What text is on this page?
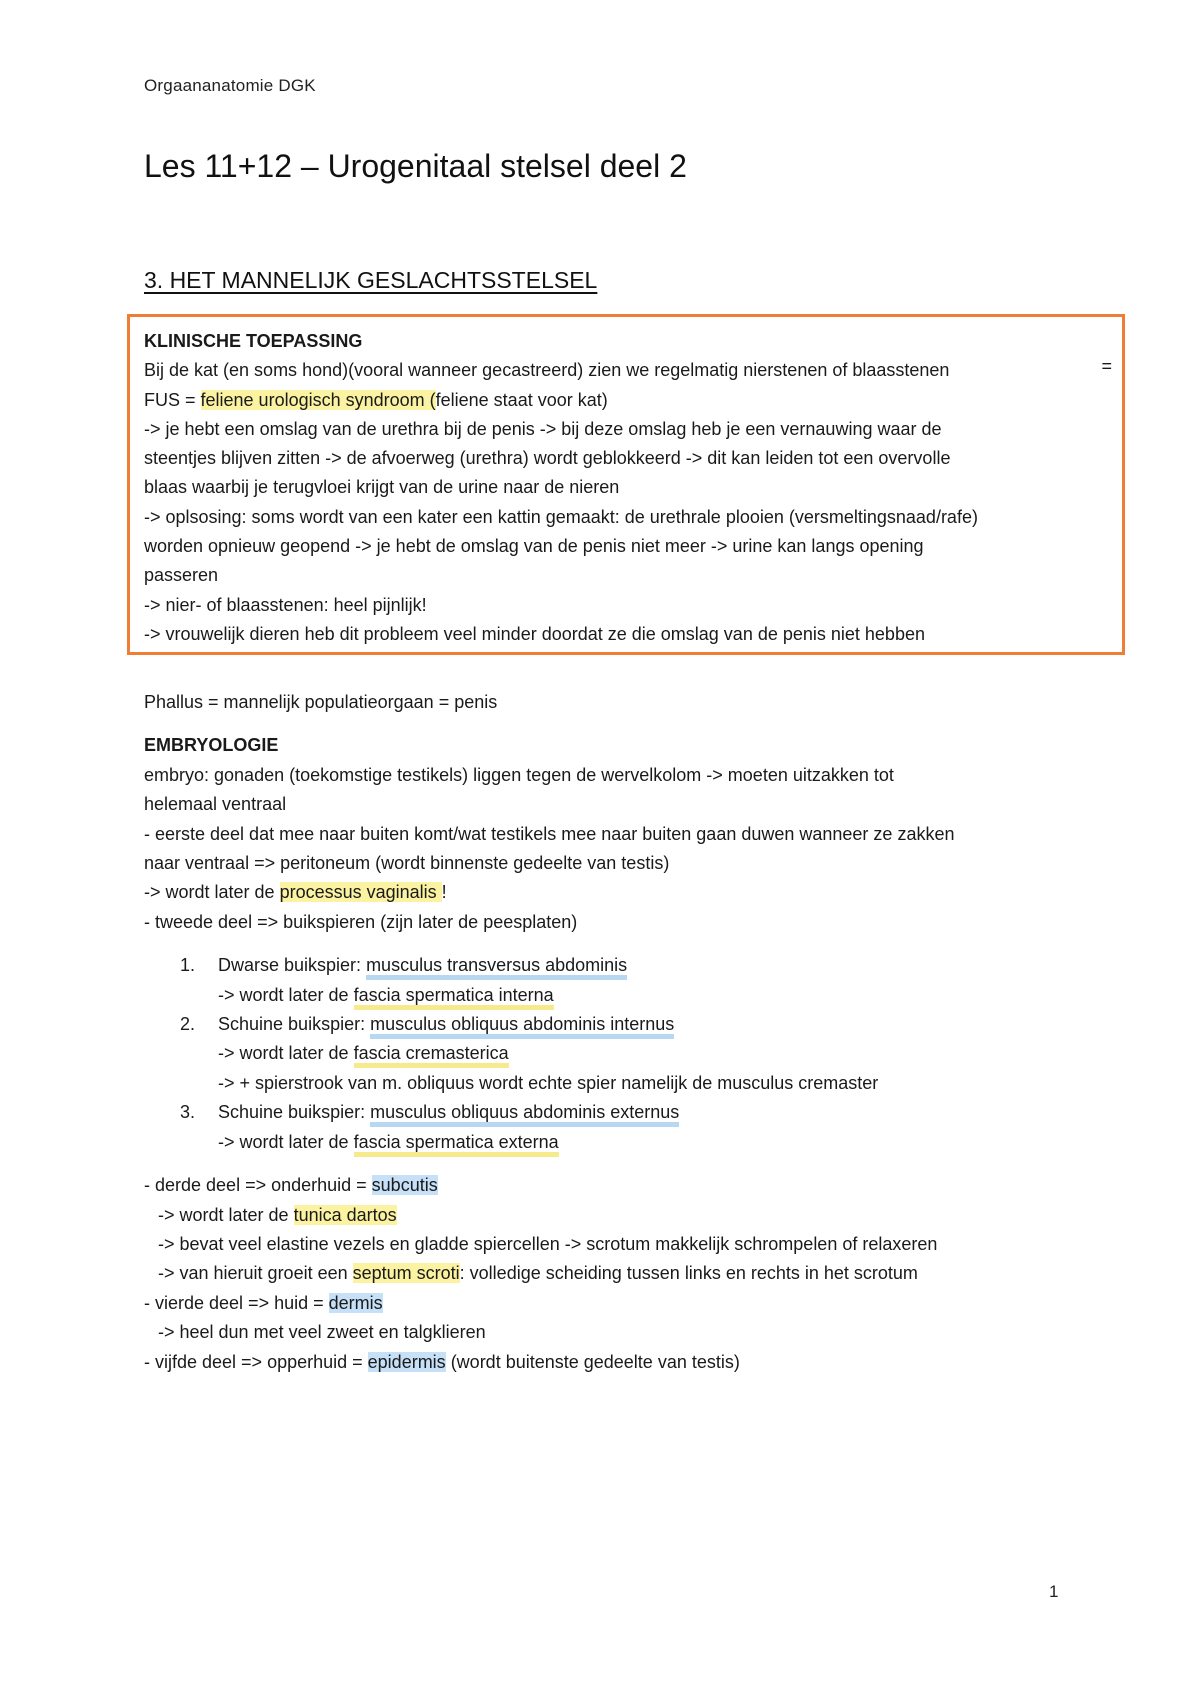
Orgaananatomie DGK
Les 11+12 – Urogenitaal stelsel deel 2
3. HET MANNELIJK GESLACHTSSTELSEL
KLINISCHE TOEPASSING
Bij de kat (en soms hond)(vooral wanneer gecastreerd) zien we regelmatig nierstenen of blaasstenen	=
FUS = feliene urologisch syndroom (feliene staat voor kat)
-> je hebt een omslag van de urethra bij de penis -> bij deze omslag heb je een vernauwing waar de
steentjes blijven zitten -> de afvoerweg (urethra) wordt geblokkeerd -> dit kan leiden tot een overvolle
blaas waarbij je terugvloei krijgt van de urine naar de nieren
-> oplsosing: soms wordt van een kater een kattin gemaakt: de urethrale plooien (versmeltingsnaad/rafe)
worden opnieuw geopend -> je hebt de omslag van de penis niet meer -> urine kan langs opening
passeren
-> nier- of blaasstenen: heel pijnlijk!
-> vrouwelijk dieren heb dit probleem veel minder doordat ze die omslag van de penis niet hebben
Phallus = mannelijk populatieorgaan = penis
EMBRYOLOGIE
embryo: gonaden (toekomstige testikels) liggen tegen de wervelkolom -> moeten uitzakken tot
helemaal ventraal
- eerste deel dat mee naar buiten komt/wat testikels mee naar buiten gaan duwen wanneer ze zakken
naar ventraal => peritoneum (wordt binnenste gedeelte van testis)
-> wordt later de processus vaginalis !
- tweede deel => buikspieren (zijn later de peesplaten)
1. Dwarse buikspier: musculus transversus abdominis
-> wordt later de fascia spermatica interna
2. Schuine buikspier: musculus obliquus abdominis internus
-> wordt later de fascia cremasterica
-> + spierstrook van m. obliquus wordt echte spier namelijk de musculus cremaster
3. Schuine buikspier: musculus obliquus abdominis externus
-> wordt later de fascia spermatica externa
- derde deel => onderhuid = subcutis
-> wordt later de tunica dartos
-> bevat veel elastine vezels en gladde spiercellen -> scrotum makkelijk schrompelen of relaxeren
-> van hieruit groeit een septum scroti: volledige scheiding tussen links en rechts in het scrotum
- vierde deel => huid = dermis
-> heel dun met veel zweet en talgklieren
- vijfde deel => opperhuid = epidermis (wordt buitenste gedeelte van testis)
1
